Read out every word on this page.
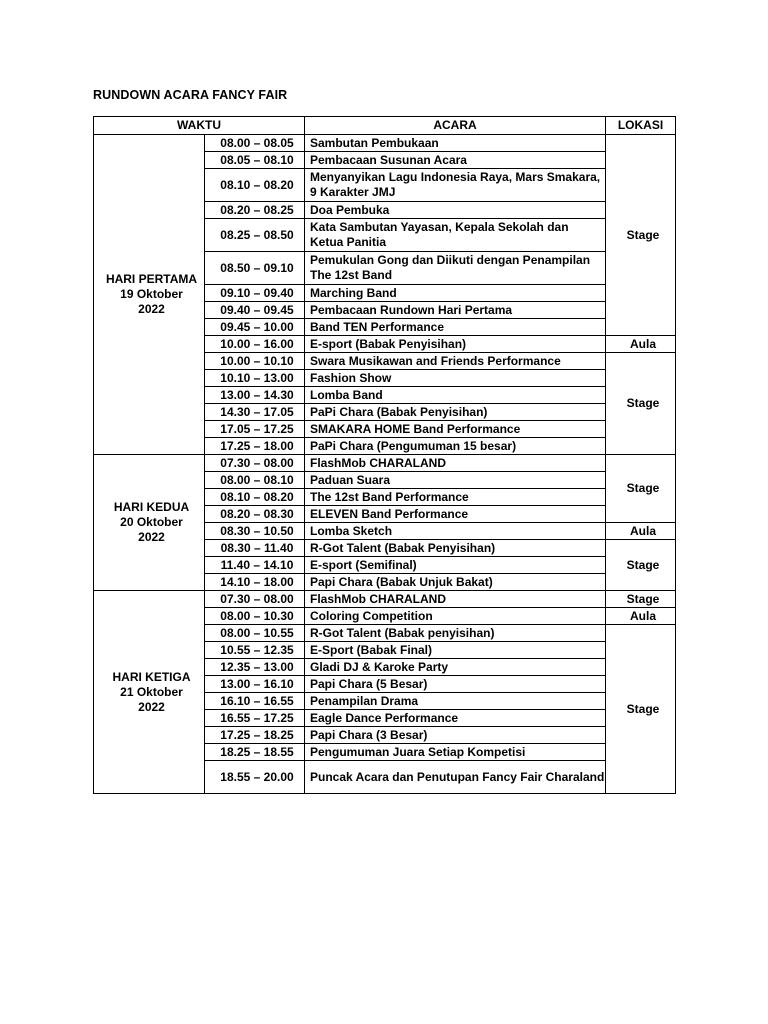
RUNDOWN ACARA FANCY FAIR
WAKTU		ACARA	LOKASI

HARI PERTAMA
19 Oktober
2022	08.00 – 08.05	Sambutan Pembukaan	Stage
	08.05 – 08.10	Pembacaan Susunan Acara	
	08.10 – 08.20	Menyanyikan Lagu Indonesia Raya, Mars Smakara, 9 Karakter JMJ	
	08.20 – 08.25	Doa Pembuka	
	08.25 – 08.50	Kata Sambutan Yayasan, Kepala Sekolah dan Ketua Panitia	
	08.50 – 09.10	Pemukulan Gong dan Diikuti dengan Penampilan The 12st Band	
	09.10 – 09.40	Marching Band	
	09.40 – 09.45	Pembacaan Rundown Hari Pertama	
	09.45 – 10.00	Band TEN Performance	
	10.00 – 16.00	E-sport (Babak Penyisihan)	Aula
	10.00 – 10.10	Swara Musikawan and Friends Performance	Stage
	10.10 – 13.00	Fashion Show	
	13.00 – 14.30	Lomba Band	
	14.30 – 17.05	PaPi Chara (Babak Penyisihan)	
	17.05 – 17.25	SMAKARA HOME Band Performance	
	17.25 – 18.00	PaPi Chara (Pengumuman 15 besar)	

HARI KEDUA
20 Oktober
2022	07.30 – 08.00	FlashMob CHARALAND	Stage
	08.00 – 08.10	Paduan Suara	
	08.10 – 08.20	The 12st Band Performance	
	08.20 – 08.30	ELEVEN Band Performance	
	08.30 – 10.50	Lomba Sketch	Aula
	08.30 – 11.40	R-Got Talent (Babak Penyisihan)	Stage
	11.40 – 14.10	E-sport (Semifinal)	
	14.10 – 18.00	Papi Chara (Babak Unjuk Bakat)	

HARI KETIGA
21 Oktober
2022	07.30 – 08.00	FlashMob CHARALAND	Stage
	08.00 – 10.30	Coloring Competition	Aula
	08.00 – 10.55	R-Got Talent (Babak penyisihan)	Stage
	10.55 – 12.35	E-Sport (Babak Final)	
	12.35 – 13.00	Gladi DJ & Karoke Party	
	13.00 – 16.10	Papi Chara (5 Besar)	
	16.10 – 16.55	Penampilan Drama	
	16.55 – 17.25	Eagle Dance Performance	
	17.25 – 18.25	Papi Chara (3 Besar)	
	18.25 – 18.55	Pengumuman Juara Setiap Kompetisi	
	18.55 – 20.00	Puncak Acara dan Penutupan Fancy Fair Charaland	
